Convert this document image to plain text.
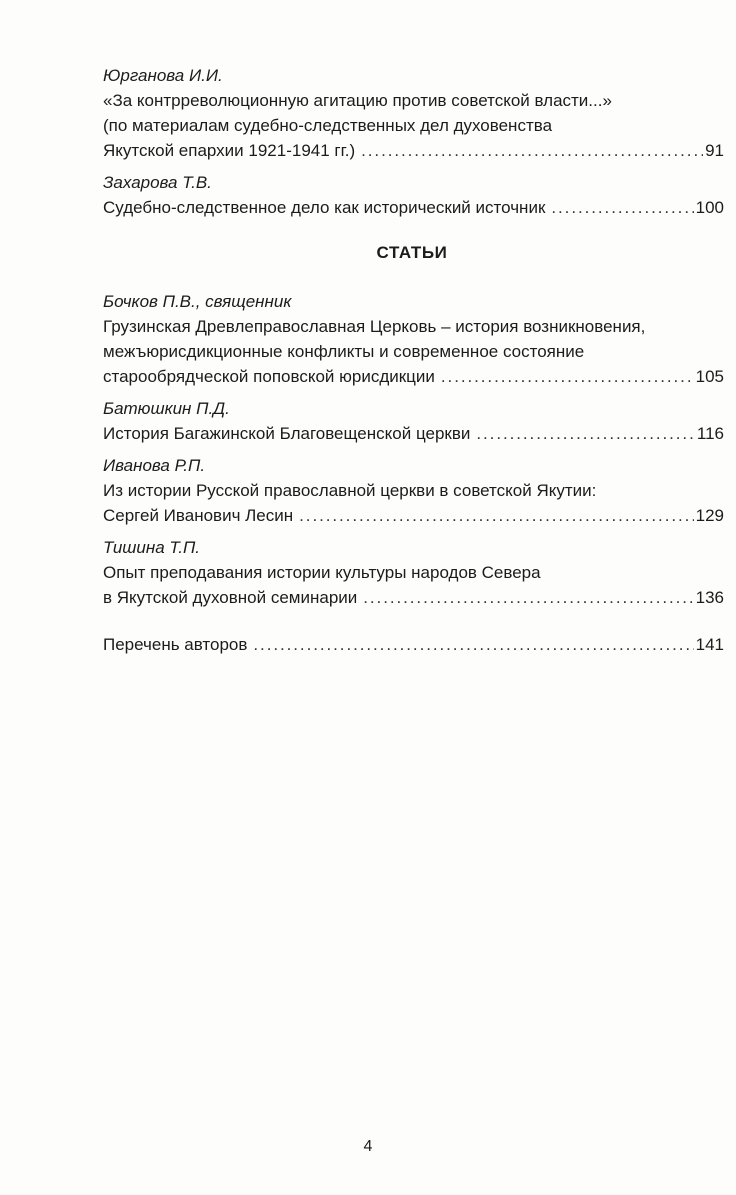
Юрганова И.И.
«За контрреволюционную агитацию против советской власти...»
(по материалам судебно-следственных дел духовенства
Якутской епархии 1921-1941 гг.) . . .	91
Захарова Т.В.
Судебно-следственное дело как исторический источник . . .	100
СТАТЬИ
Бочков П.В., священник
Грузинская Древлеправославная Церковь – история возникновения,
межъюрисдикционные конфликты и современное состояние
старообрядческой поповской юрисдикции . . .	105
Батюшкин П.Д.
История Багажинской Благовещенской церкви . . .	116
Иванова Р.П.
Из истории Русской православной церкви в советской Якутии:
Сергей Иванович Лесин . . .	129
Тишина Т.П.
Опыт преподавания истории культуры народов Севера
в Якутской духовной семинарии . . .	136
Перечень авторов . . .	141
4
